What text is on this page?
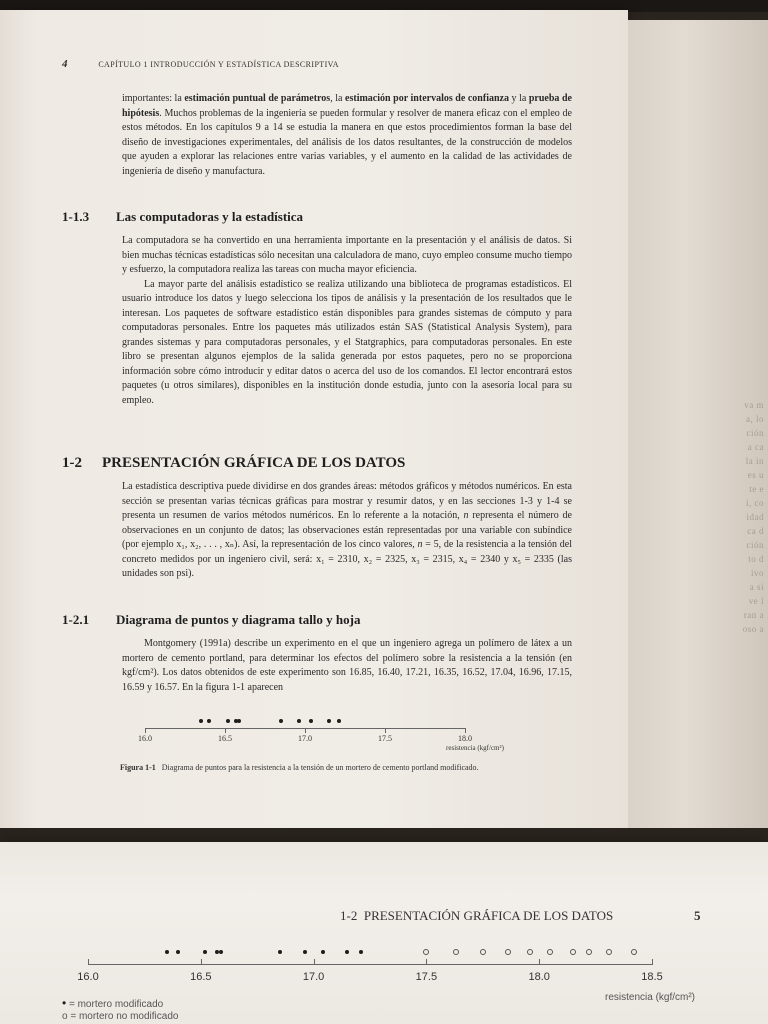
va m
a, lo
ción
a ca
la in
es u
te e
i, co
idad
ca d
ción
to d
ivo
a si
ve l
ran a
oso a
4	CAPÍTULO 1 INTRODUCCIÓN Y ESTADÍSTICA DESCRIPTIVA

importantes: la estimación puntual de parámetros, la estimación por intervalos de confianza y la prueba de hipótesis. Muchos problemas de la ingeniería se pueden formular y resolver de manera eficaz con el empleo de estos métodos. En los capítulos 9 a 14 se estudia la manera en que estos procedimientos forman la base del diseño de investigaciones experimentales, del análisis de los datos resultantes, de la construcción de modelos que ayuden a explorar las relaciones entre varias variables, y el aumento en la calidad de las actividades de ingeniería de diseño y manufactura.

1-1.3 Las computadoras y la estadística

La computadora se ha convertido en una herramienta importante en la presentación y el análisis de datos. Si bien muchas técnicas estadísticas sólo necesitan una calculadora de mano, cuyo empleo consume mucho tiempo y esfuerzo, la computadora realiza las tareas con mucha mayor eficiencia.

La mayor parte del análisis estadístico se realiza utilizando una biblioteca de programas estadísticos. El usuario introduce los datos y luego selecciona los tipos de análisis y la presentación de los resultados que le interesan. Los paquetes de software estadístico están disponibles para grandes sistemas de cómputo y para computadoras personales. Entre los paquetes más utilizados están SAS (Statistical Analysis System), para grandes sistemas y para computadoras personales, y el Statgraphics, para computadoras personales. En este libro se presentan algunos ejemplos de la salida generada por estos paquetes, pero no se proporciona información sobre cómo introducir y editar datos o acerca del uso de los comandos. El lector encontrará estos paquetes (u otros similares), disponibles en la institución donde estudia, junto con la asesoría local para su empleo.

1-2 PRESENTACIÓN GRÁFICA DE LOS DATOS

La estadística descriptiva puede dividirse en dos grandes áreas: métodos gráficos y métodos numéricos. En esta sección se presentan varias técnicas gráficas para mostrar y resumir datos, y en las secciones 1-3 y 1-4 se presenta un resumen de varios métodos numéricos. En lo referente a la notación, n representa el número de observaciones en un conjunto de datos; las observaciones están representadas por una variable con subíndice (por ejemplo x₁, x₂, . . . , xₙ). Así, la representación de los cinco valores, n = 5, de la resistencia a la tensión del concreto medidos por un ingeniero civil, será: x₁ = 2310, x₂ = 2325, x₃ = 2315, x₄ = 2340 y x₅ = 2335 (las unidades son psi).

1-2.1 Diagrama de puntos y diagrama tallo y hoja

Montgomery (1991a) describe un experimento en el que un ingeniero agrega un polímero de látex a un mortero de cemento portland, para determinar los efectos del polímero sobre la resistencia a la tensión (en kgf/cm²). Los datos obtenidos de este experimento son 16.85, 16.40, 17.21, 16.35, 16.52, 17.04, 16.96, 17.15, 16.59 y 16.57. En la figura 1-1 aparecen

16.0	16.5	17.0	17.5	18.0
resistencia (kgf/cm²)
Figura 1-1 Diagrama de puntos para la resistencia a la tensión de un mortero de cemento portland modificado.
1-2 PRESENTACIÓN GRÁFICA DE LOS DATOS	5
16.0	16.5	17.0	17.5	18.0	18.5
resistencia (kgf/cm²)
• = mortero modificado
o = mortero no modificado
